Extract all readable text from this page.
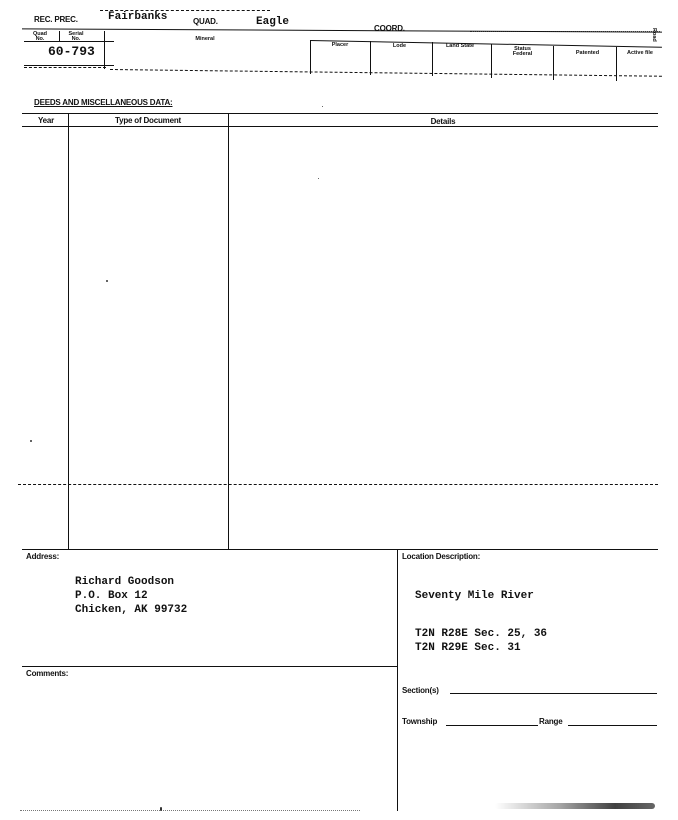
REC. PREC.	Fairbanks	QUAD.	Eagle
COORD.	Road
Quad No.
Serial No.	Mineral
Placer	Lode	Land State	Status Federal	Patented	Active file
60-793
DEEDS AND MISCELLANEOUS DATA:
Year	Type of Document	Details
Address:
Richard Goodson
P.O. Box 12
Chicken, AK 99732
Location Description:
Seventy Mile River
T2N R28E Sec. 25, 36
T2N R29E Sec. 31
Section(s)
Township	Range
Comments:
